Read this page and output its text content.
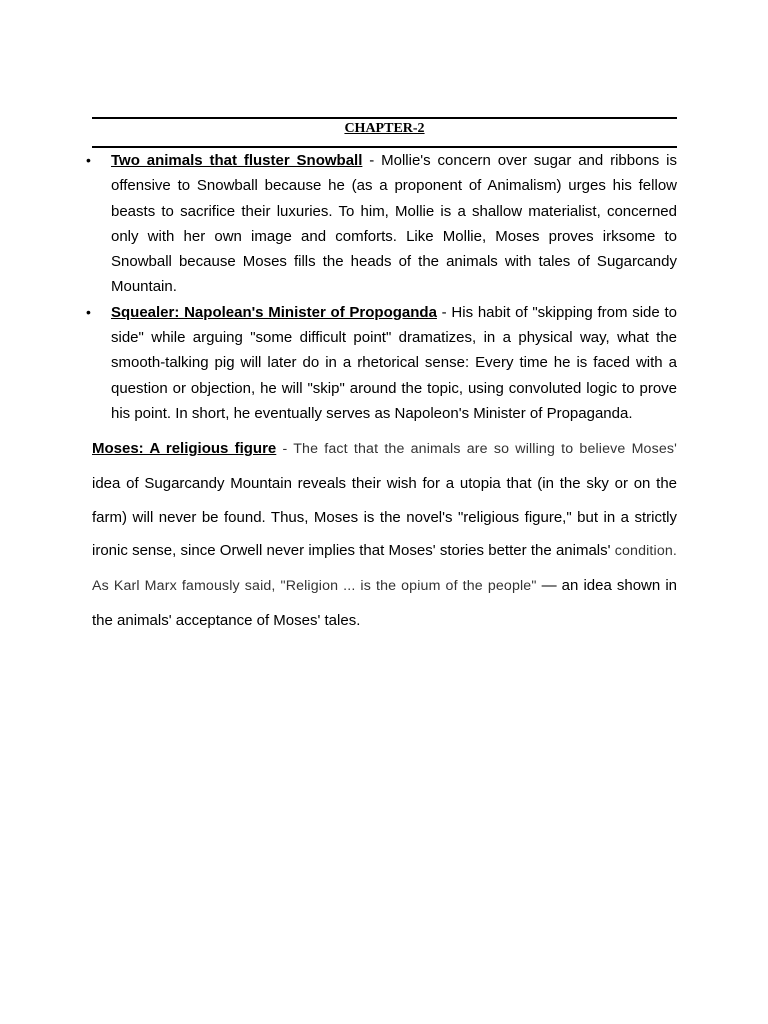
CHAPTER-2
• Two animals that fluster Snowball - Mollie's concern over sugar and ribbons is offensive to Snowball because he (as a proponent of Animalism) urges his fellow beasts to sacrifice their luxuries. To him, Mollie is a shallow materialist, concerned only with her own image and comforts. Like Mollie, Moses proves irksome to Snowball because Moses fills the heads of the animals with tales of Sugarcandy Mountain.
• Squealer: Napolean's Minister of Propoganda - His habit of "skipping from side to side" while arguing "some difficult point" dramatizes, in a physical way, what the smooth-talking pig will later do in a rhetorical sense: Every time he is faced with a question or objection, he will "skip" around the topic, using convoluted logic to prove his point. In short, he eventually serves as Napoleon's Minister of Propaganda.

Moses: A religious figure - The fact that the animals are so willing to believe Moses' idea of Sugarcandy Mountain reveals their wish for a utopia that (in the sky or on the farm) will never be found. Thus, Moses is the novel's "religious figure," but in a strictly ironic sense, since Orwell never implies that Moses' stories better the animals' condition. As Karl Marx famously said, "Religion ... is the opium of the people" — an idea shown in the animals' acceptance of Moses' tales.
